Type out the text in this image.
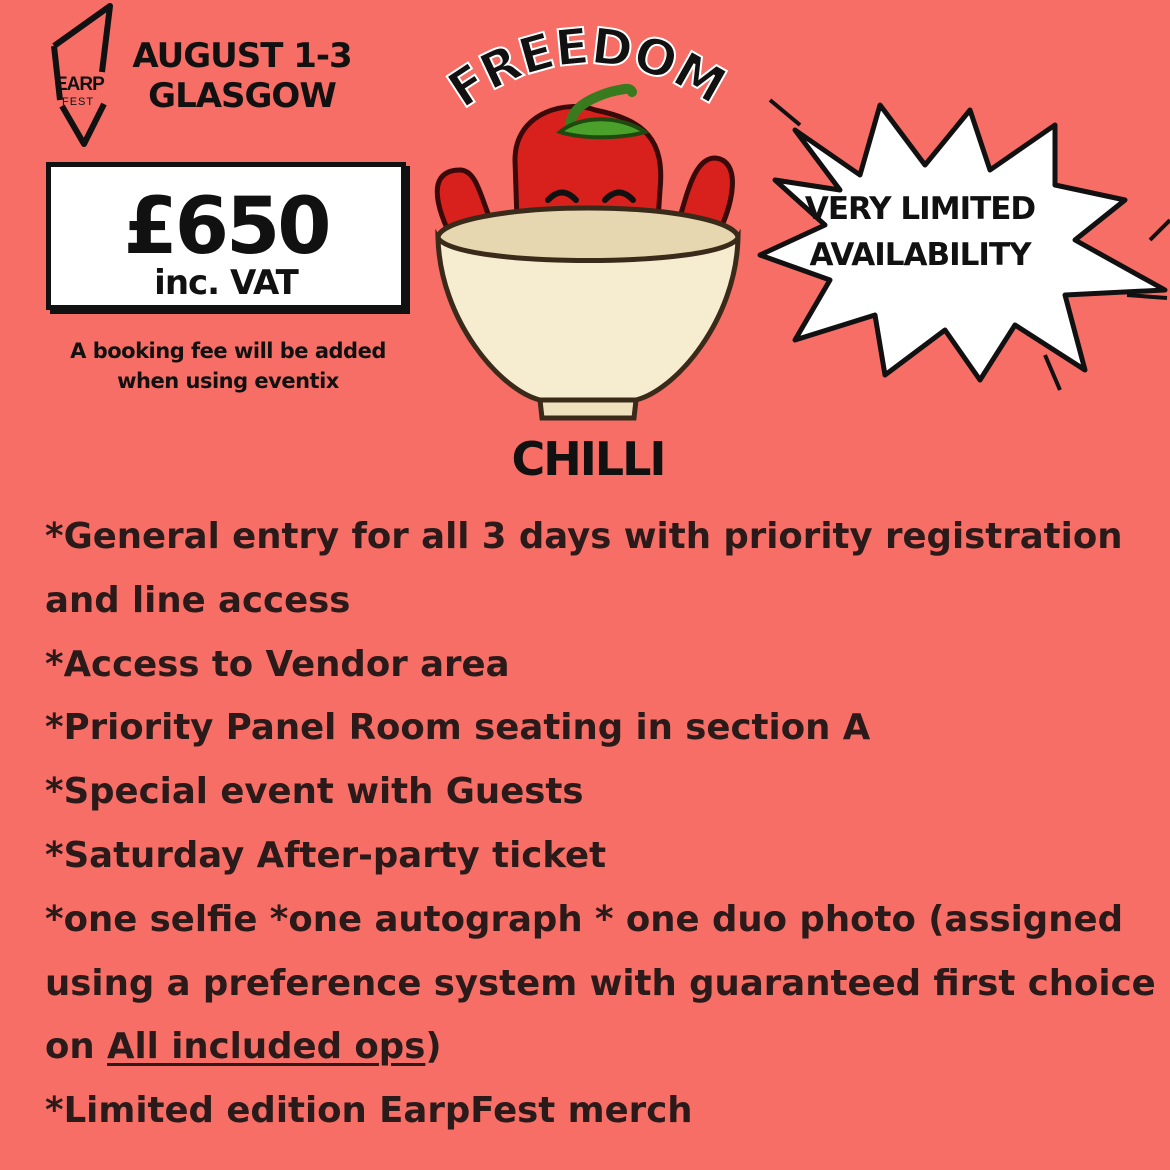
EARP
FEST
AUGUST 1-3
GLASGOW
£650
inc. VAT
A booking fee will be added
when using eventix
FREEDOM
CHILLI
VERY LIMITED
AVAILABILITY
*General entry for all 3 days with priority registration
and line access
*Access to Vendor area
*Priority Panel Room seating in section A
*Special event with Guests
*Saturday After-party ticket
*one selfie *one autograph * one duo photo (assigned
using a preference system with guaranteed first choice
on All included ops)
*Limited edition EarpFest merch
